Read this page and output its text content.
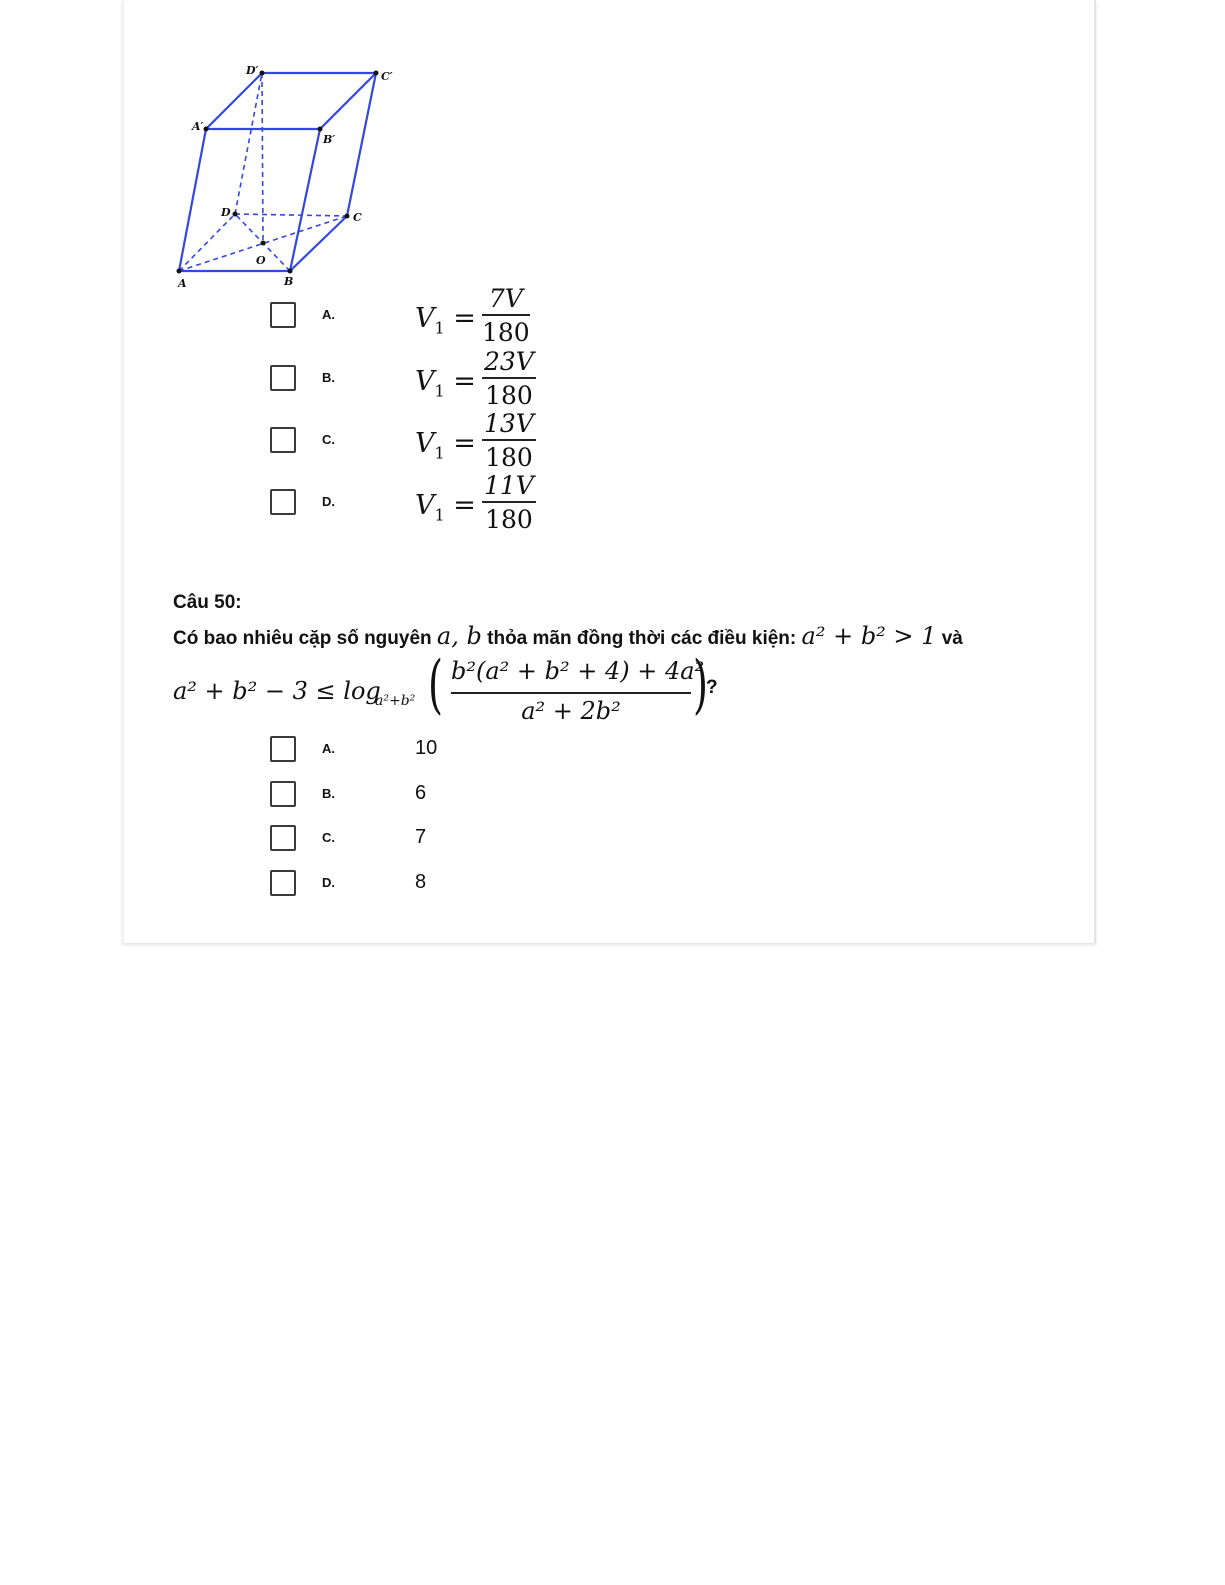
D′	C′
A′
B′
D	C
O
A	B
A.	$V_1$ =
7V
180
B.	$V_1$ =
23V
180
C.	$V_1$ =
13V
180
D.	$V_1$ =
11V
180
Câu 50:
Có bao nhiêu cặp số nguyên a, b thỏa mãn đồng thời các điều kiện: a² + b² > 1 và
a² + b² − 3 ≤ log
a²+b² ( b²(a² + b² + 4) + 4a²
a² + 2b²	)
?
A.	10
B.	6
C.	7
D.	8
